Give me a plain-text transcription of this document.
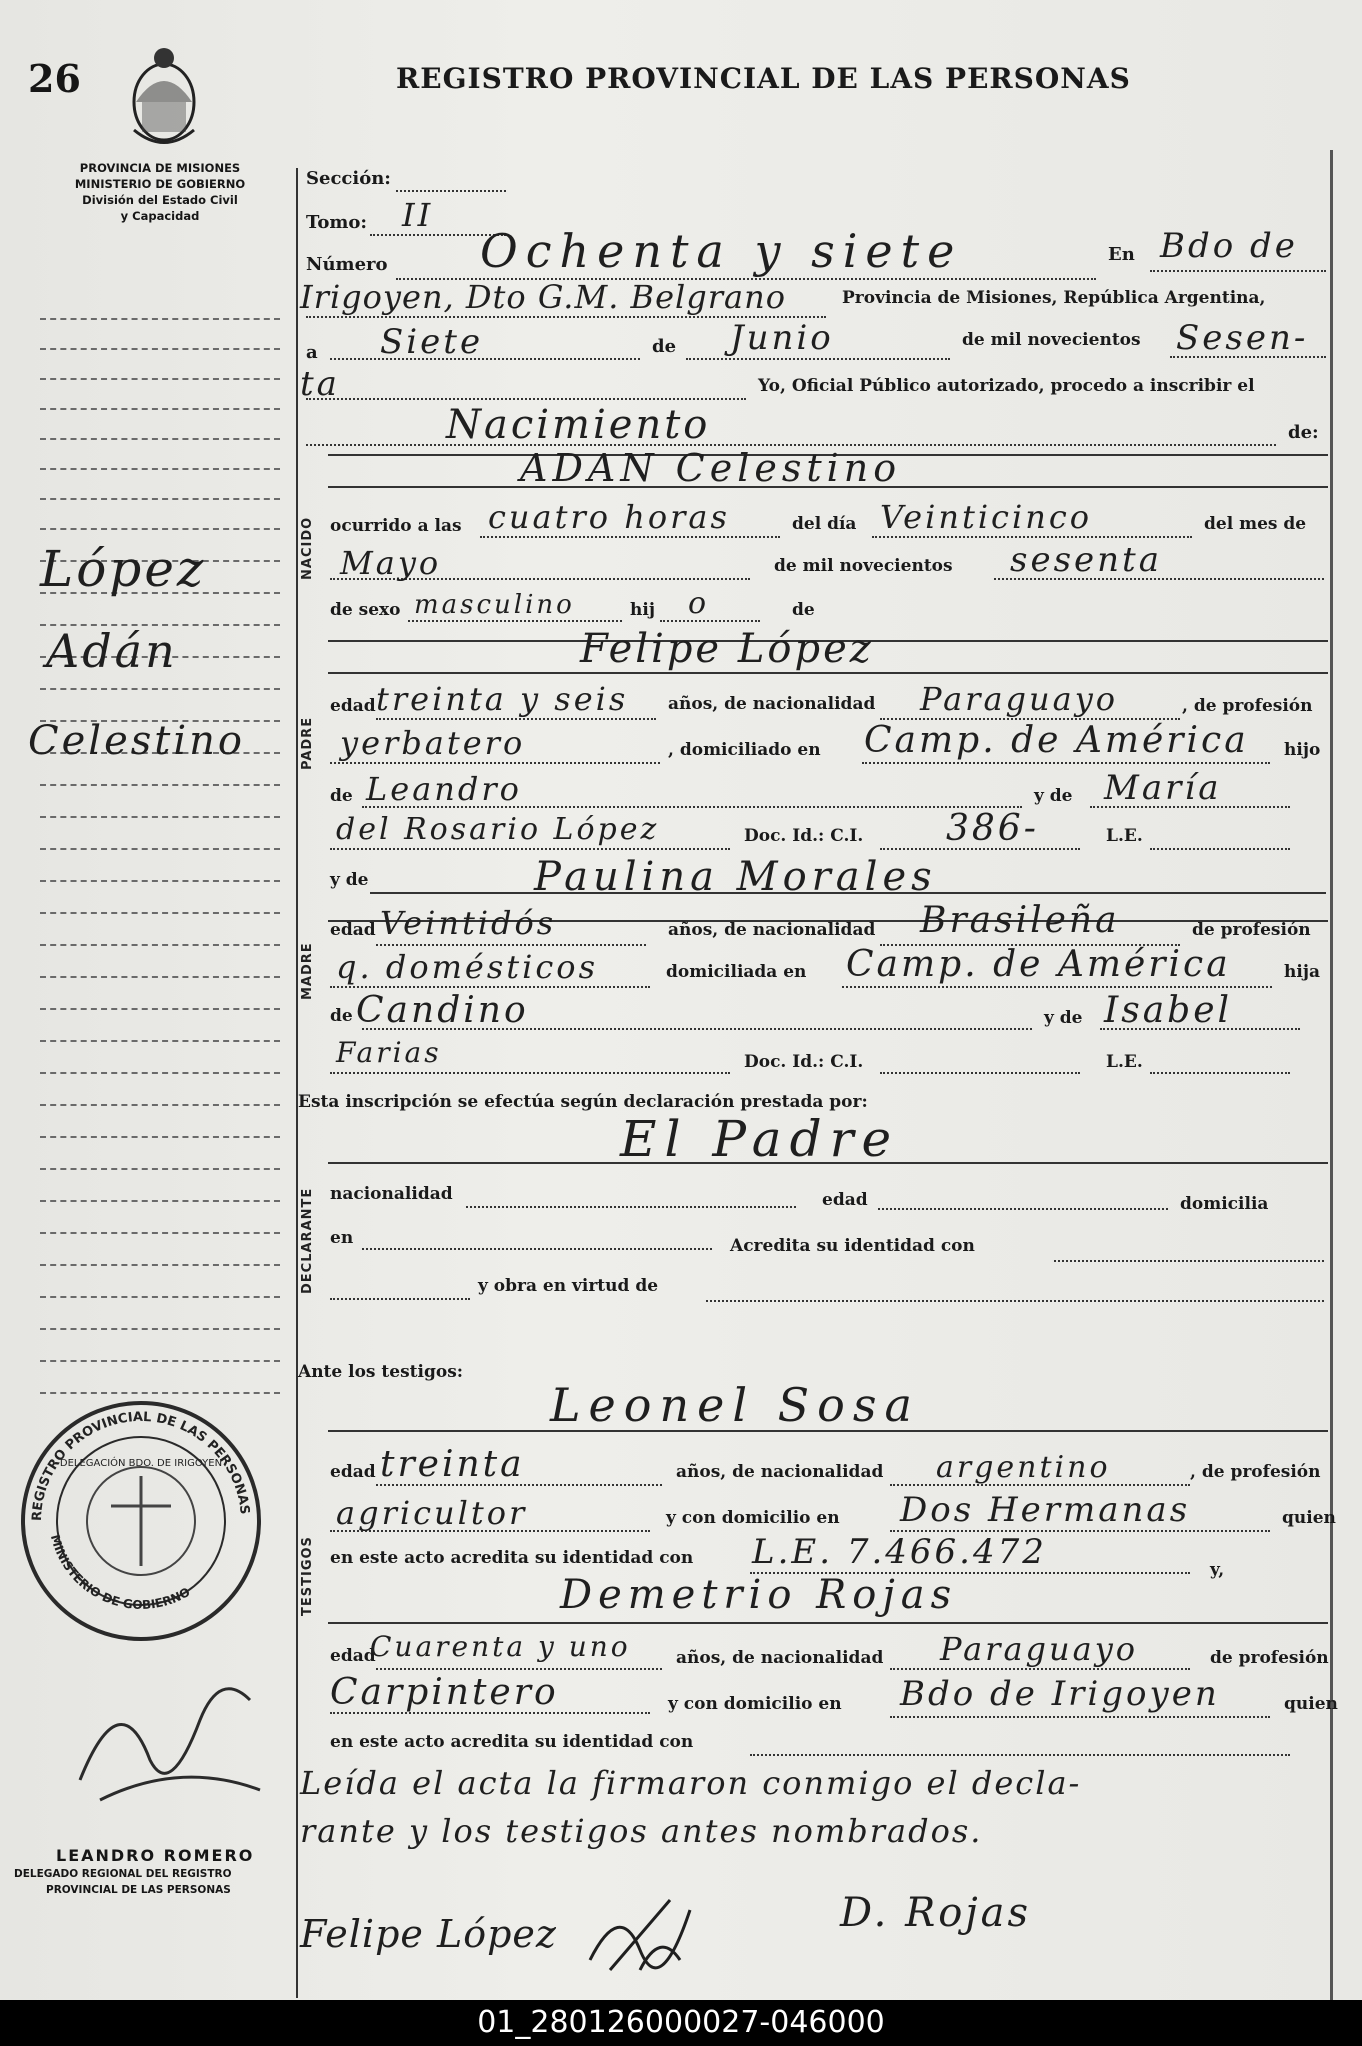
26	REGISTRO PROVINCIAL DE LAS PERSONAS
PROVINCIA DE MISIONES
MINISTERIO DE GOBIERNO
División del Estado Civil
y Capacidad
López
Adán
Celestino
NACIDO
PADRE
MADRE
DECLARANTE
TESTIGOS
Sección:
Tomo: II
Número Ochenta y siete	En Bdo de
Irigoyen, Dto G.M. Belgrano	Provincia de Misiones, República Argentina,
a Siete	de Junio	de mil novecientos Sesen-
ta	Yo, Oficial Público autorizado, procedo a inscribir el
Nacimiento	de:
ADAN Celestino
ocurrido a las cuatro horas	del día Veinticinco	del mes de
Mayo	de mil novecientos sesenta
de sexo masculino	hij o	de
Felipe López
edad treinta y seis años, de nacionalidad Paraguayo	, de profesión
yerbatero	, domiciliado en Camp. de América hijo
de Leandro	y de María
del Rosario López	Doc. Id.: C.I. 386-	L.E.
y de	Paulina Morales
edad Veintidós	años, de nacionalidad Brasileña	de profesión
q. domésticos	domiciliada en Camp. de América	hija
de Candino	y de Isabel
Farias	Doc. Id.: C.I.	L.E.
Esta inscripción se efectúa según declaración prestada por:
El Padre
nacionalidad	edad	domicilia
en	Acredita su identidad con
y obra en virtud de
Ante los testigos:
Leonel Sosa
edad treinta	años, de nacionalidad argentino	, de profesión
agricultor	y con domicilio en Dos Hermanas	quien
en este acto acredita su identidad con L.E. 7.466.472	y,
Demetrio Rojas
edad
Cuarenta y uno	años, de nacionalidad Paraguayo	de profesión
Carpintero	y con domicilio en Bdo de Irigoyen	quien
en este acto acredita su identidad con
Leída el acta la firmaron conmigo el decla-
rante y los testigos antes nombrados.
Felipe López	D. Rojas
REGISTRO PROVINCIAL DE LAS PERSONAS
MINISTERIO DE GOBIERNO
DELEGACIÓN BDO. DE IRIGOYEN
LEANDRO ROMERO
DELEGADO REGIONAL DEL REGISTRO
PROVINCIAL DE LAS PERSONAS
01_280126000027-046000
